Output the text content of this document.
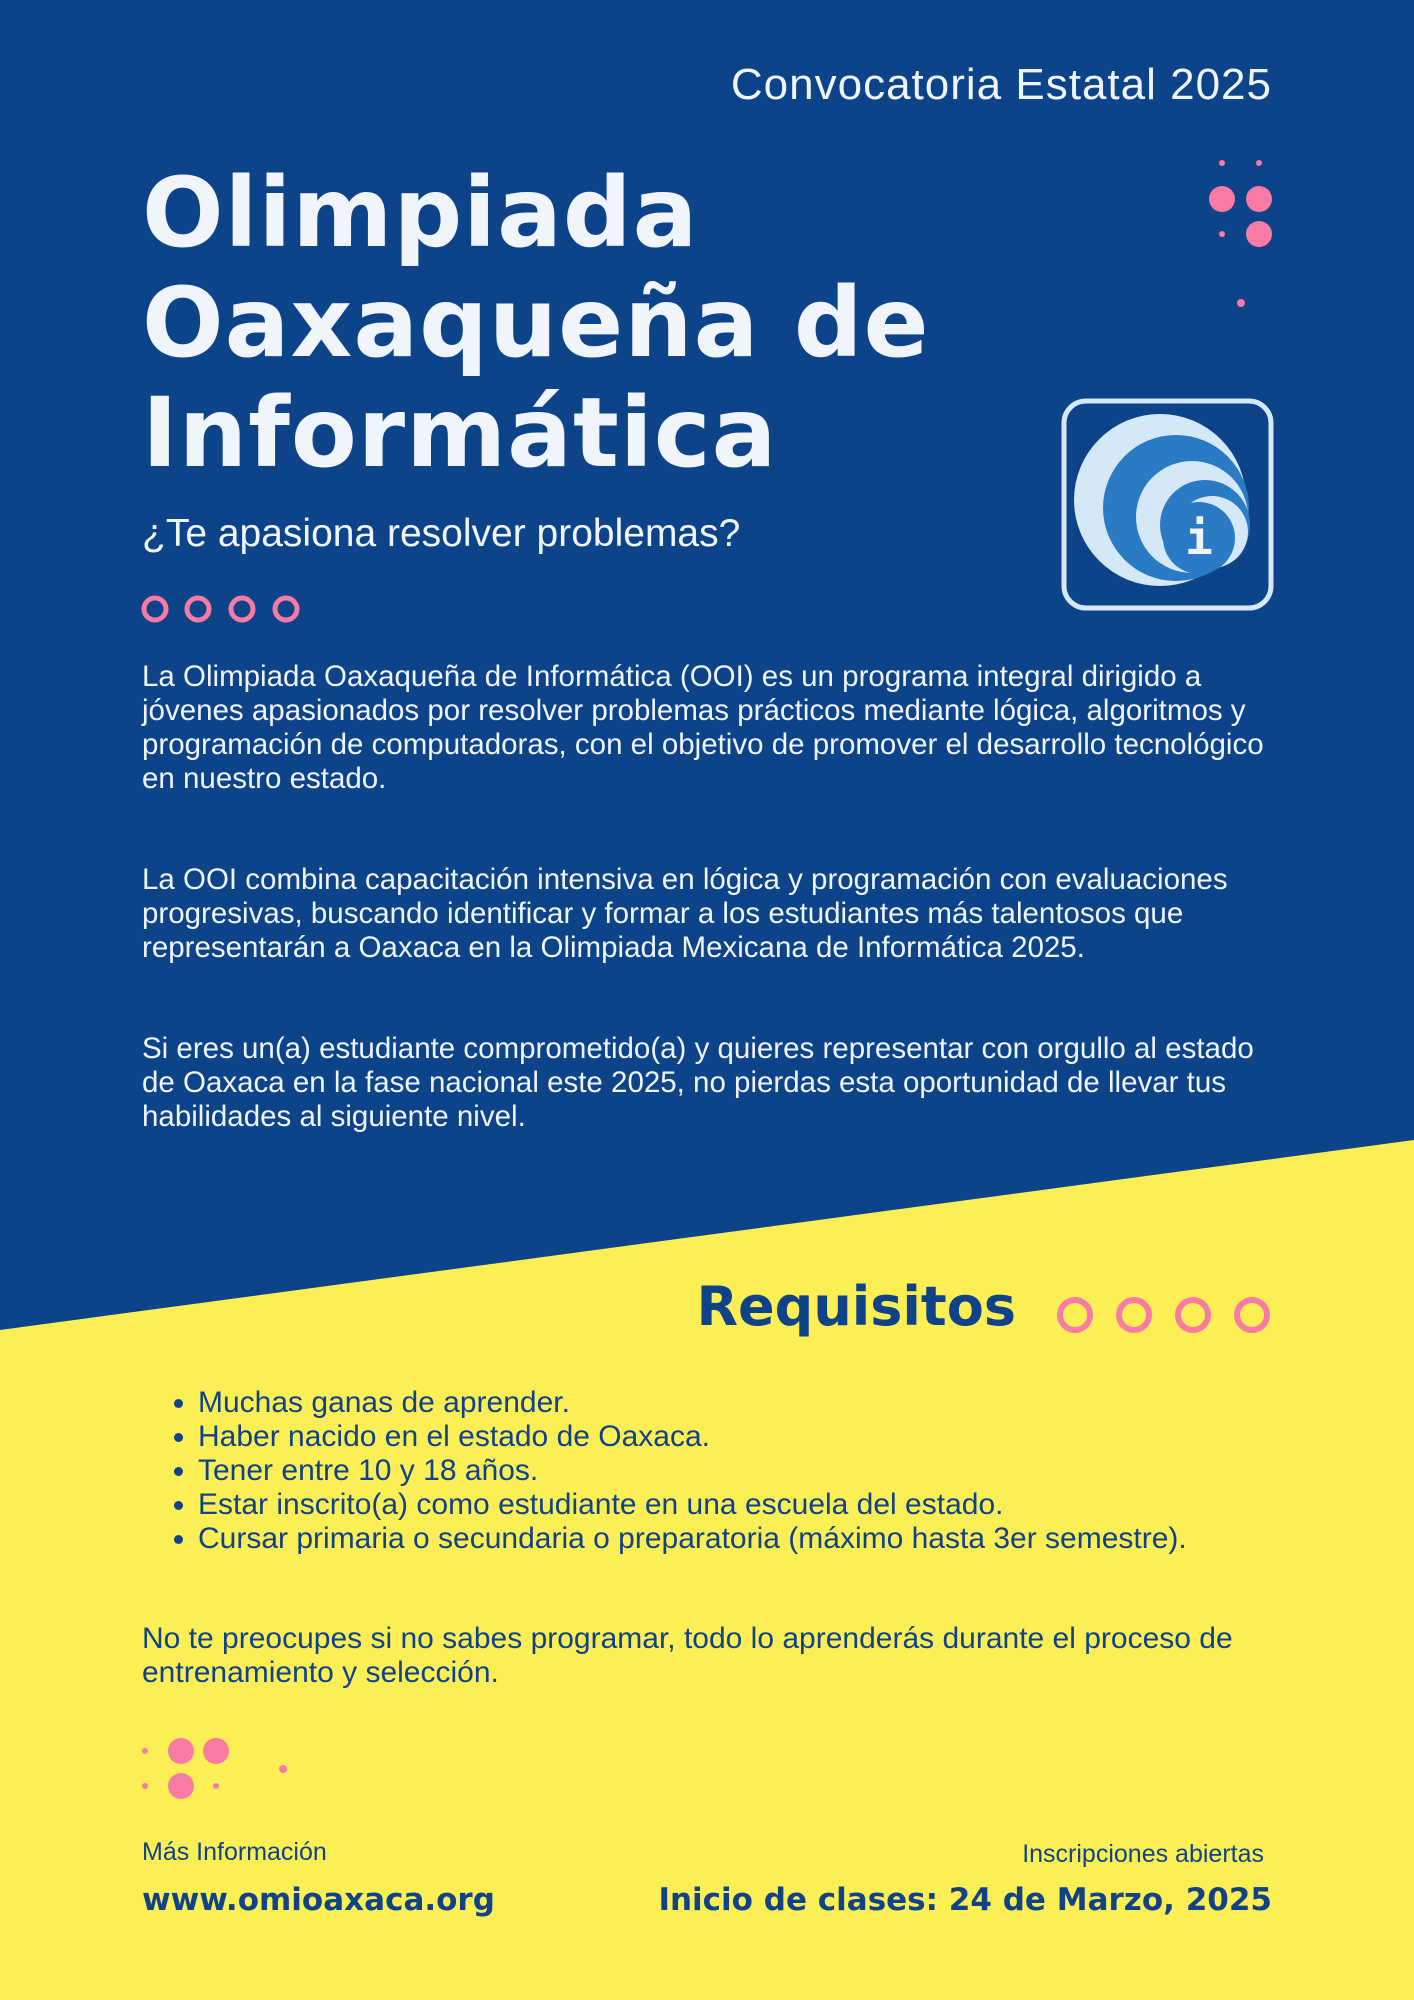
i

Convocatoria Estatal 2025

Olimpiada
Oaxaqueña de
Informática

¿Te apasiona resolver problemas?

La Olimpiada Oaxaqueña de Informática (OOI) es un programa integral dirigido a jóvenes apasionados por resolver problemas prácticos mediante lógica, algoritmos y programación de computadoras, con el objetivo de promover el desarrollo tecnológico en nuestro estado.

La OOI combina capacitación intensiva en lógica y programación con evaluaciones progresivas, buscando identificar y formar a los estudiantes más talentosos que representarán a Oaxaca en la Olimpiada Mexicana de Informática 2025.

Si eres un(a) estudiante comprometido(a) y quieres representar con orgullo al estado de Oaxaca en la fase nacional este 2025, no pierdas esta oportunidad de llevar tus habilidades al siguiente nivel.

Requisitos
• Muchas ganas de aprender.
• Haber nacido en el estado de Oaxaca.
• Tener entre 10 y 18 años.
• Estar inscrito(a) como estudiante en una escuela del estado.
• Cursar primaria o secundaria o preparatoria (máximo hasta 3er semestre).

No te preocupes si no sabes programar, todo lo aprenderás durante el proceso de entrenamiento y selección.

Más Información

www.omioaxaca.org

Inscripciones abiertas

Inicio de clases: 24 de Marzo, 2025
